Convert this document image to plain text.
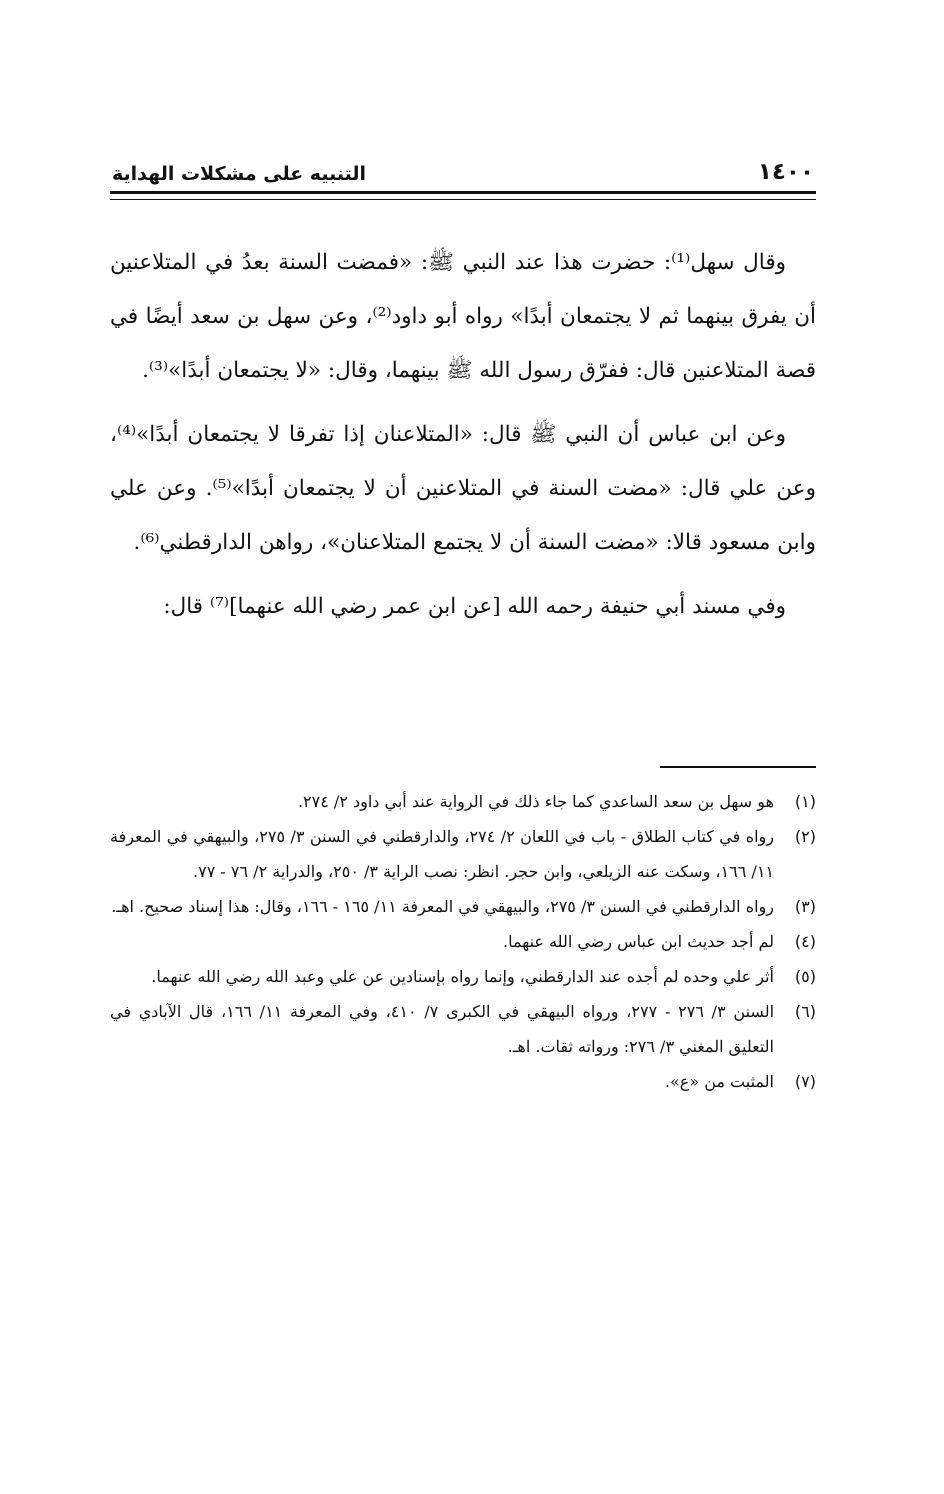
١٤٠٠
التنبيه على مشكلات الهداية

وقال سهل⁽¹⁾: حضرت هذا عند النبي ﷺ: «فمضت السنة بعدُ في المتلاعنين أن يفرق بينهما ثم لا يجتمعان أبدًا» رواه أبو داود⁽²⁾، وعن سهل بن سعد أيضًا في قصة المتلاعنين قال: ففرّق رسول الله ﷺ بينهما، وقال: «لا يجتمعان أبدًا»⁽³⁾.

وعن ابن عباس أن النبي ﷺ قال: «المتلاعنان إذا تفرقا لا يجتمعان أبدًا»⁽⁴⁾، وعن علي قال: «مضت السنة في المتلاعنين أن لا يجتمعان أبدًا»⁽⁵⁾. وعن علي وابن مسعود قالا: «مضت السنة أن لا يجتمع المتلاعنان»، رواهن الدارقطني⁽⁶⁾.

وفي مسند أبي حنيفة رحمه الله [عن ابن عمر رضي الله عنهما]⁽⁷⁾ قال:

(١)
هو سهل بن سعد الساعدي كما جاء ذلك في الرواية عند أبي داود ٢/ ٢٧٤.

(٢)
رواه في كتاب الطلاق - باب في اللعان ٢/ ٢٧٤، والدارقطني في السنن ٣/ ٢٧٥، والبيهقي في المعرفة ١١/ ١٦٦، وسكت عنه الزيلعي، وابن حجر. انظر: نصب الراية ٣/ ٢٥٠، والدراية ٢/ ٧٦ - ٧٧.

(٣)
رواه الدارقطني في السنن ٣/ ٢٧٥، والبيهقي في المعرفة ١١/ ١٦٥ - ١٦٦، وقال: هذا إسناد صحيح. اهـ.

(٤)
لم أجد حديث ابن عباس رضي الله عنهما.

(٥)
أثر علي وحده لم أجده عند الدارقطني، وإنما رواه بإسنادين عن علي وعبد الله رضي الله عنهما.

(٦)
السنن ٣/ ٢٧٦ - ٢٧٧، ورواه البيهقي في الكبرى ٧/ ٤١٠، وفي المعرفة ١١/ ١٦٦، قال الآبادي في التعليق المغني ٣/ ٢٧٦: ورواته ثقات. اهـ.

(٧)
المثبت من «ع».
